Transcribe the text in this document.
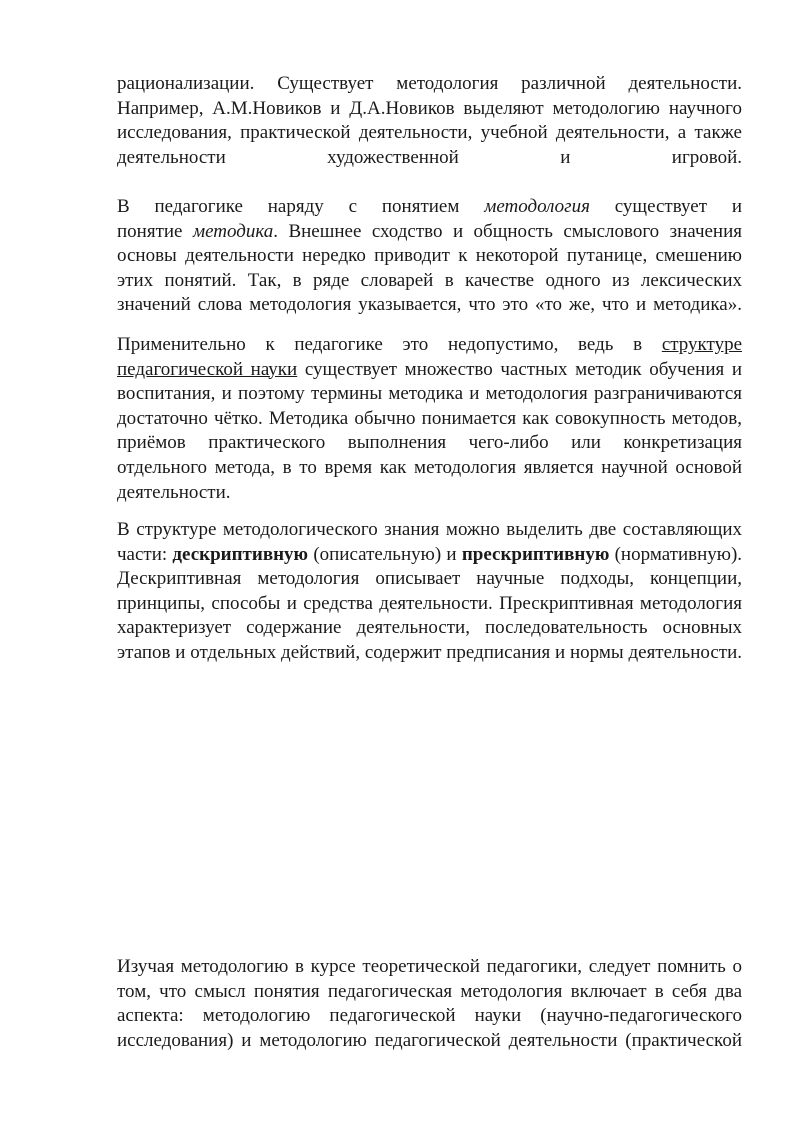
рационализации. Существует методология различной деятельности.
Например, А.М.Новиков и Д.А.Новиков выделяют методологию научного
исследования, практической деятельности, учебной деятельности, а также
деятельности художественной и игровой.
В педагогике наряду с понятием методология существует и
понятие методика. Внешнее сходство и общность смыслового значения
основы деятельности нередко приводит к некоторой путанице, смешению
этих понятий. Так, в ряде словарей в качестве одного из лексических
значений слова методология указывается, что это «то же, что и методика».
Применительно к педагогике это недопустимо, ведь в структуре
педагогической науки существует множество частных методик обучения и
воспитания, и поэтому термины методика и методология разграничиваются
достаточно чётко. Методика обычно понимается как совокупность методов,
приёмов практического выполнения чего-либо или конкретизация
отдельного метода, в то время как методология является научной основой
деятельности.
В структуре методологического знания можно выделить две составляющих
части: дескриптивную (описательную) и прескриптивную (нормативную).
Дескриптивная методология описывает научные подходы, концепции,
принципы, способы и средства деятельности. Прескриптивная методология
характеризует содержание деятельности, последовательность основных
этапов и отдельных действий, содержит предписания и нормы деятельности.
Изучая методологию в курсе теоретической педагогики, следует помнить о
том, что смысл понятия педагогическая методология включает в себя два
аспекта: методологию педагогической науки (научно-педагогического
исследования) и методологию педагогической деятельности (практической
